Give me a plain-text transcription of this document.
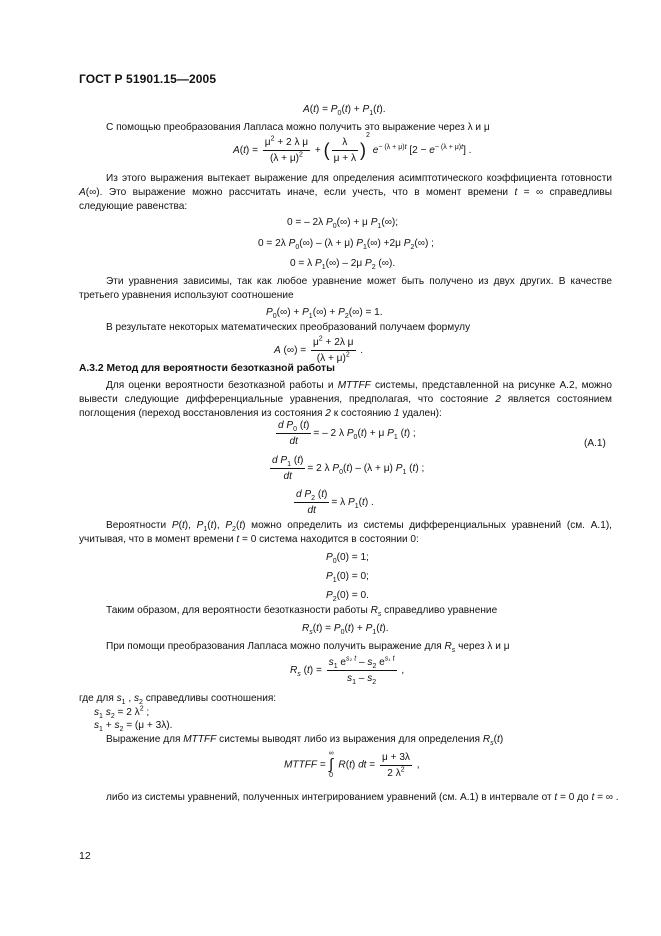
ГОСТ Р 51901.15—2005
$A(t) = P_0(t) + P_1(t)$.
С помощью преобразования Лапласа можно получить это выражение через λ и μ
$A(t) = \frac{\mu^2 + 2 \lambda \mu}{(\lambda + \mu)^2}$ + ( $\frac{\lambda}{\mu + \lambda} )^2$ $e^{- (\lambda + \mu)t}$ $[2 - e^{- (\lambda + \mu)t}]$ .
Из этого выражения вытекает выражение для определения асимптотического коэффициента готовности A(∞). Это выражение можно рассчитать иначе, если учесть, что в момент времени t = ∞ справедливы следующие равенства:
0 = – 2λ $P_0(\infty) + \mu$ $P_1(\infty)$;
0 = 2λ $P_0(\infty) - (\lambda + \mu)$ $P_1(\infty) +2\mu$ $P_2(\infty)$ ;
0 = λ $P_1(\infty) - 2\mu$ $P_2$ (∞).
Эти уравнения зависимы, так как любое уравнение может быть получено из двух других. В качестве третьего уравнения используют соотношение
$P_0(\infty) + P_1(\infty) + P_2(\infty) = 1$.
В результате некоторых математических преобразований получаем формулу
A (∞) = $\frac{\mu^2 + 2\lambda \mu}{(\lambda + \mu)^2}$ .
А.3.2 Метод для вероятности безотказной работы
Для оценки вероятности безотказной работы и MTTFF системы, представленной на рисунке А.2, можно вывести следующие дифференциальные уравнения, предполагая, что состояние 2 является состоянием поглощения (переход восстановления из состояния 2 к состоянию 1 удален):
$\frac{d P_0 (t)}{dt}$ = – 2 λ $P_0(t) + \mu$ $P_1$ (t) ;
$\frac{d P_1 (t)}{dt} = 2$ λ $P_0(t) - (\lambda + \mu)$ $P_1$ (t) ;
(А.1)
$\frac{d P_2 (t)}{dt} = \lambda$ $P_1(t)$ .
Вероятности P(t), $P_1(t)$, $P_2(t)$ можно определить из системы дифференциальных уравнений (см. А.1), учитывая, что в момент времени t = 0 система находится в состоянии 0:
$P_0(0) = 1$;
$P_1(0) = 0$;
$P_2(0) = 0$.
Таким образом, для вероятности безотказности работы $R_s$ справедливо уравнение
$R_s(t) = P_0(t) + P_1(t)$.
При помощи преобразования Лапласа можно получить выражение для $R_s$ через λ и μ
$R_s$ $(t) = \frac{s_1 e^{s_2 t} - s_2 e^{s_1 t}}{s_1 - s_2}$ ,
где для $s_1$ , $s_2$ справедливы соотношения:
$s_1$ $s_2 = 2$ $\lambda^2$ ;
$s_1 + s_2 = (\mu + 3\lambda)$.
Выражение для MTTFF системы выводят либо из выражения для определения $R_s(t)$
MTTFF =
∞
∫
0
R(t) dt = $\frac{\mu + 3\lambda}{2 \lambda^2}$ ,
либо из системы уравнений, полученных интегрированием уравнений (см. А.1) в интервале от t = 0 до t = ∞ .
12
